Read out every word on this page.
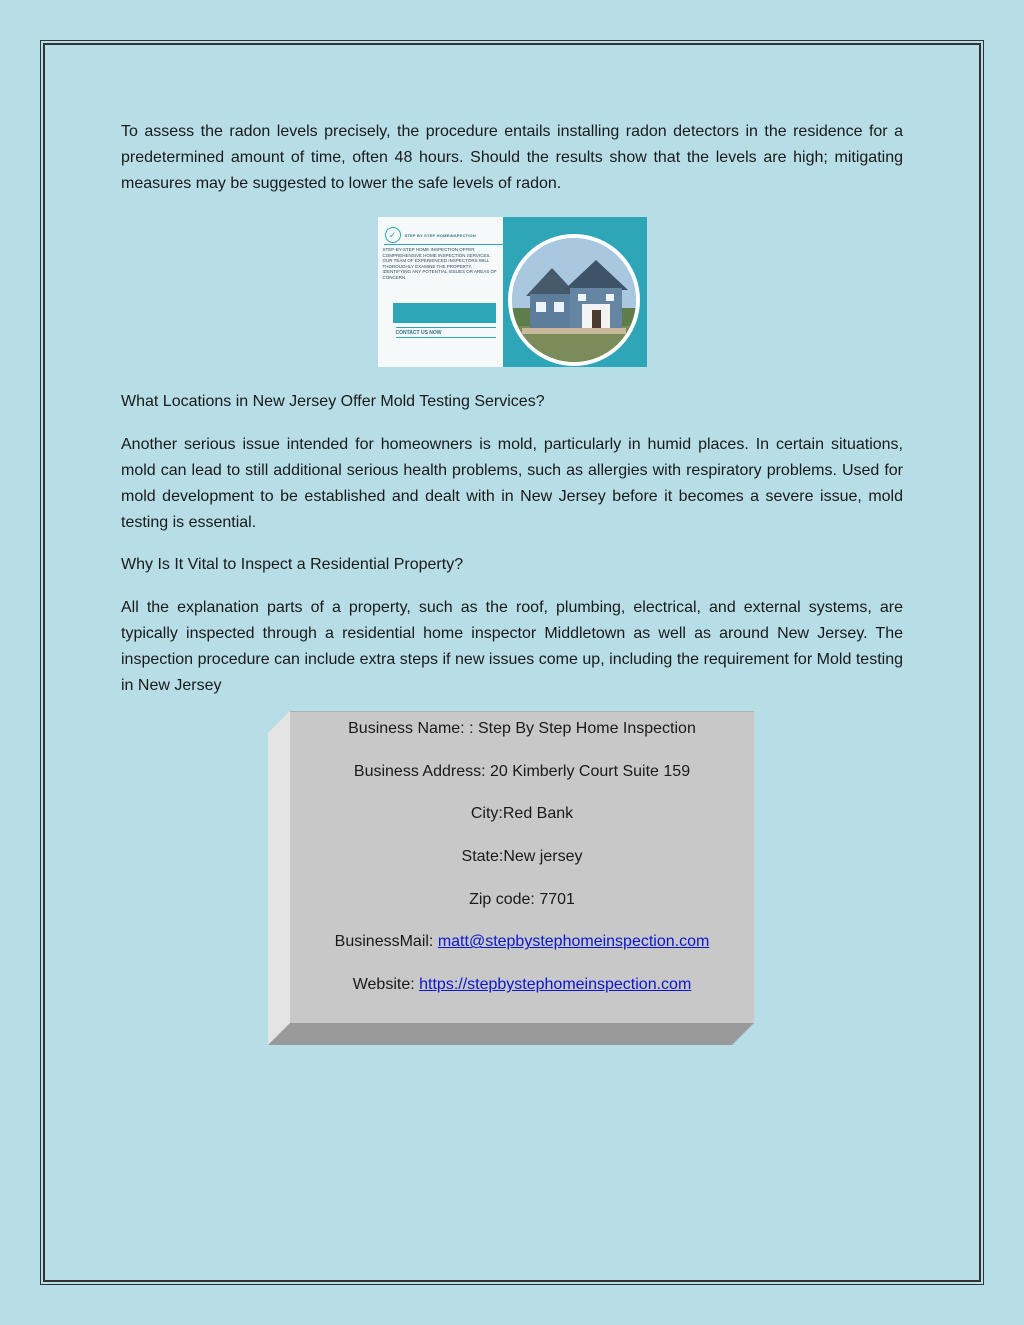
To assess the radon levels precisely, the procedure entails installing radon detectors in the residence for a predetermined amount of time, often 48 hours. Should the results show that the levels are high; mitigating measures may be suggested to lower the safe levels of radon.

✓	STEP BY STEP HOMEINSPECTION
STEP-BY-STEP HOME INSPECTION OFFER COMPREHENSIVE HOME INSPECTION SERVICES. OUR TEAM OF EXPERIENCED INSPECTORS WILL THOROUGHLY EXAMINE THE PROPERTY, IDENTIFYING ANY POTENTIAL ISSUES OR AREAS OF CONCERN.
CONTACT US NOW

What Locations in New Jersey Offer Mold Testing Services?

Another serious issue intended for homeowners is mold, particularly in humid places. In certain situations, mold can lead to still additional serious health problems, such as allergies with respiratory problems. Used for mold development to be established and dealt with in New Jersey before it becomes a severe issue, mold testing is essential.

Why Is It Vital to Inspect a Residential Property?

All the explanation parts of a property, such as the roof, plumbing, electrical, and external systems, are typically inspected through a residential home inspector Middletown as well as around New Jersey. The inspection procedure can include extra steps if new issues come up, including the requirement for Mold testing in New Jersey

Business Name: : Step By Step Home Inspection
Business Address: 20 Kimberly Court Suite 159
City:Red Bank
State:New jersey
Zip code: 7701
BusinessMail: matt@stepbystephomeinspection.com
Website: https://stepbystephomeinspection.com
